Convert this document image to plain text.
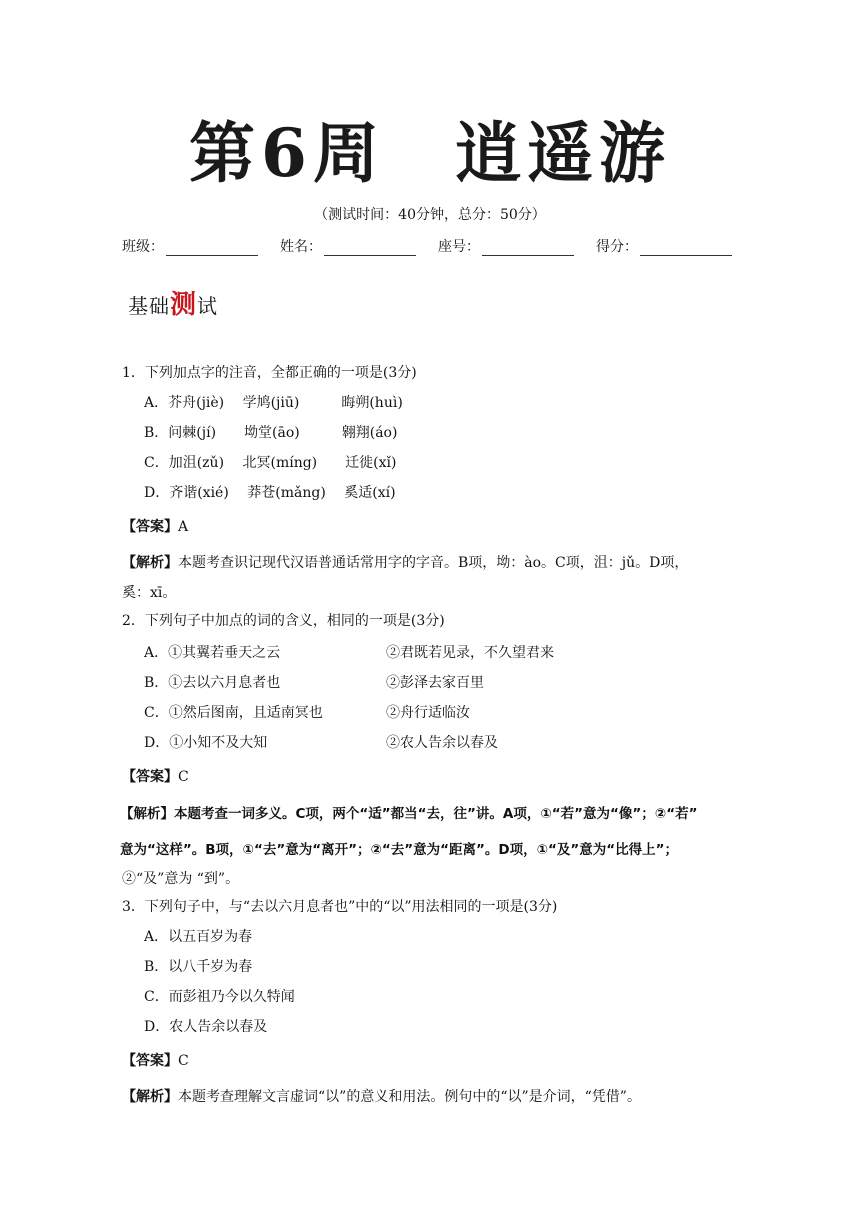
第6周 逍遥游
（测试时间：40分钟，总分：50分）
班级：	姓名：	座号：	得分：
基础测试
1．下列加点字的注音，全都正确的一项是(3分)
A．芥舟(jiè)　 学鸠(jiū)　　　晦朔(huì)
B．问棘(jí)　　坳堂(āo)　　　翱翔(áo)
C．加沮(zǔ)　 北冥(míng)　　迁徙(xǐ)
D．齐谐(xié)　 莽苍(mǎng)　 奚适(xí)
【答案】A
【解析】本题考查识记现代汉语普通话常用字的字音。B项，坳：ào。C项，沮：jǔ。D项，
奚：xī。
2．下列句子中加点的词的含义，相同的一项是(3分)
A．①其翼若垂天之云	②君既若见录，不久望君来
B．①去以六月息者也	②彭泽去家百里
C．①然后图南，且适南冥也	②舟行适临汝
D．①小知不及大知	②农人告余以春及
【答案】C
【解析】本题考查一词多义。C项，两个“适”都当“去，往”讲。A项，①“若”意为“像”；②“若”
意为“这样”。B项，①“去”意为“离开”；②“去”意为“距离”。D项，①“及”意为“比得上”；
②“及”意为 “到”。
3．下列句子中，与“去以六月息者也”中的“以”用法相同的一项是(3分)
A．以五百岁为春
B．以八千岁为春
C．而彭祖乃今以久特闻
D．农人告余以春及
【答案】C
【解析】本题考查理解文言虚词“以”的意义和用法。例句中的“以”是介词，“凭借”。
